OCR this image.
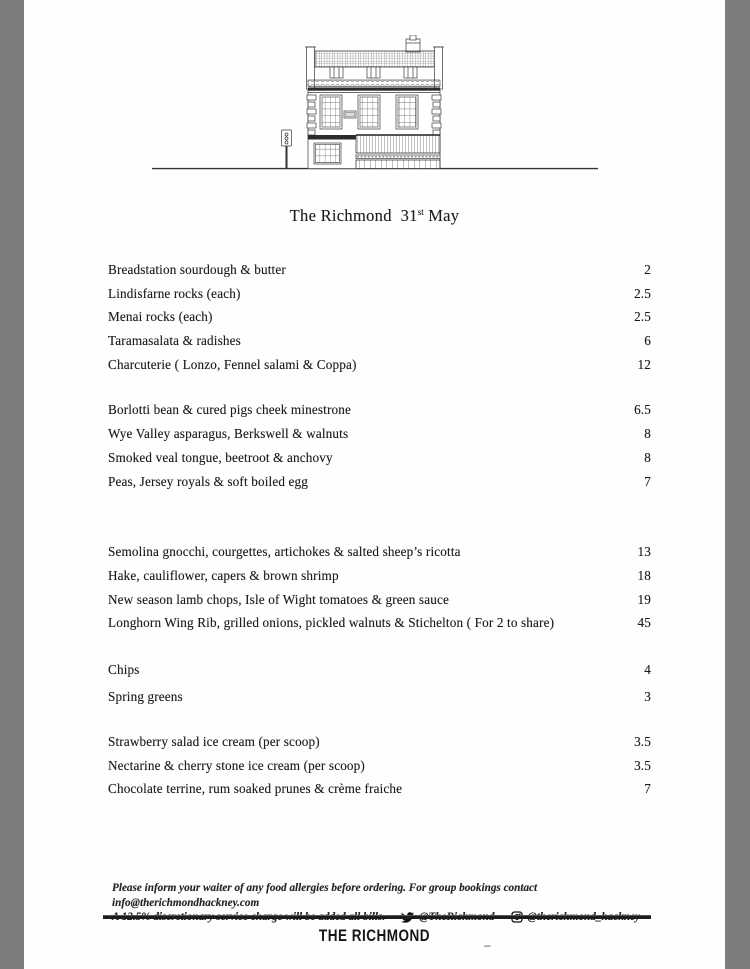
The Richmond 31st May
Breadstation sourdough & butter	2
Lindisfarne rocks (each)	2.5
Menai rocks (each)	2.5
Taramasalata & radishes	6
Charcuterie ( Lonzo, Fennel salami & Coppa)	12
Borlotti bean & cured pigs cheek minestrone	6.5
Wye Valley asparagus, Berkswell & walnuts	8
Smoked veal tongue, beetroot & anchovy	8
Peas, Jersey royals & soft boiled egg	7
Semolina gnocchi, courgettes, artichokes & salted sheep’s ricotta	13
Hake, cauliflower, capers & brown shrimp	18
New season lamb chops, Isle of Wight tomatoes & green sauce	19
Longhorn Wing Rib, grilled onions, pickled walnuts & Stichelton ( For 2 to share)	45
Chips	4
Spring greens	3
Strawberry salad ice cream (per scoop)	3.5
Nectarine & cherry stone ice cream (per scoop)	3.5
Chocolate terrine, rum soaked prunes & crème fraiche	7
Please inform your waiter of any food allergies before ordering. For group bookings contact info@therichmondhackney.com
THE RICHMOND	–
